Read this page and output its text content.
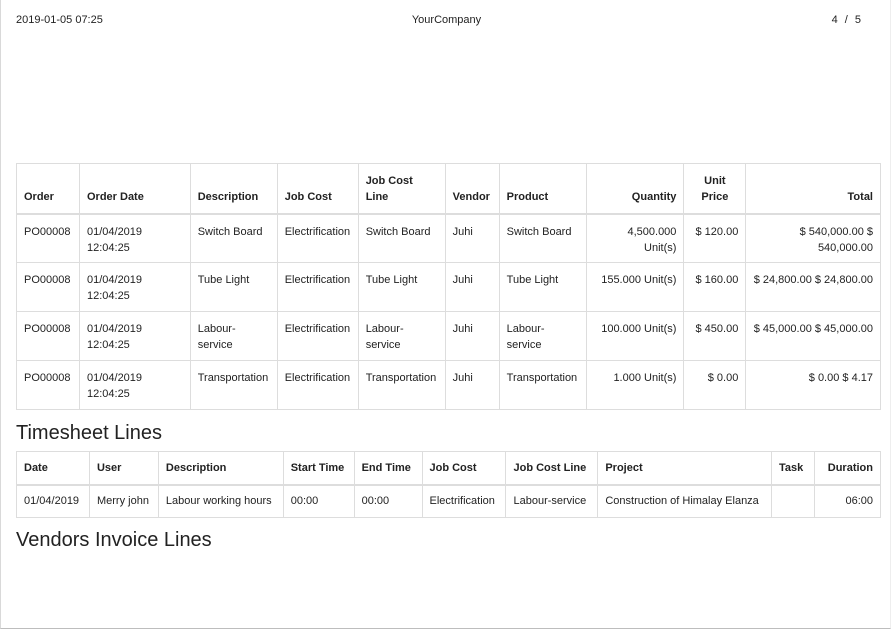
2019-01-05 07:25	YourCompany	4 / 5
Order	Order Date	Description	Job Cost	Job Cost Line	Vendor	Product	Quantity	Unit Price	Total
PO00008	01/04/2019 12:04:25	Switch Board	Electrification	Switch Board	Juhi	Switch Board	4,500.000 Unit(s)	$ 120.00	$ 540,000.00 $ 540,000.00
PO00008	01/04/2019 12:04:25	Tube Light	Electrification	Tube Light	Juhi	Tube Light	155.000 Unit(s)	$ 160.00	$ 24,800.00 $ 24,800.00
PO00008	01/04/2019 12:04:25	Labour-service	Electrification	Labour-service	Juhi	Labour-service	100.000 Unit(s)	$ 450.00	$ 45,000.00 $ 45,000.00
PO00008	01/04/2019 12:04:25	Transportation	Electrification	Transportation	Juhi	Transportation	1.000 Unit(s)	$ 0.00	$ 0.00 $ 4.17
Timesheet Lines
Date	User	Description	Start Time	End Time	Job Cost	Job Cost Line	Project	Task	Duration
01/04/2019	Merry john	Labour working hours	00:00	00:00	Electrification	Labour-service	Construction of Himalay Elanza		06:00
Vendors Invoice Lines
